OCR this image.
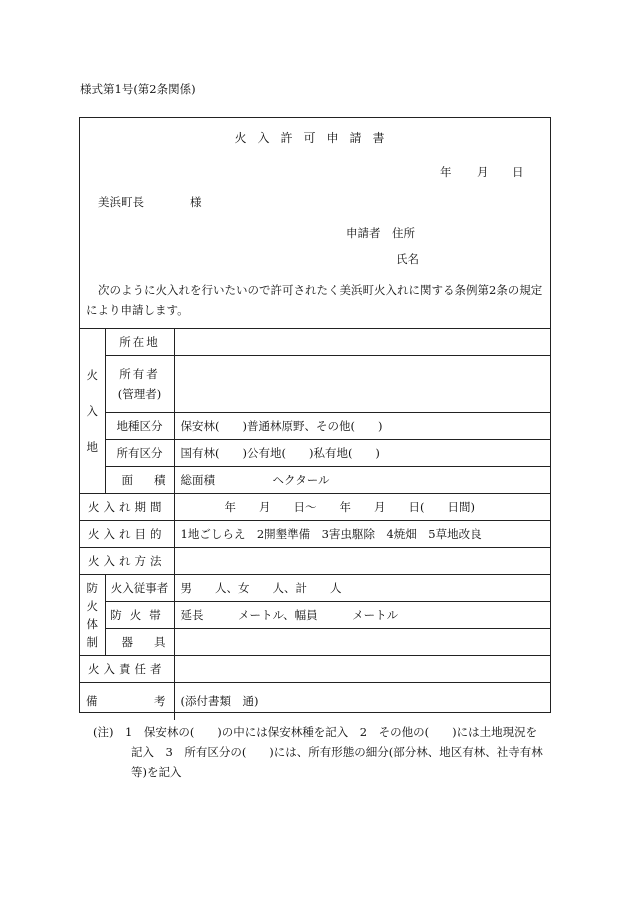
様式第1号(第2条関係)
火入許可申請書
年 月 日
美浜町長	様
申請者 住所
氏名
次のように火入れを行いたいので許可されたく美浜町火入れに関する条例第2条の規定により申請します。
火入地	所在地	

	所有者
(管理者)	

	地種区分	保安林(　　)普通林原野、その他(　　)
	所有区分	国有林(　　)公有地(　　)私有地(　　)
	面積	総面積　　　　　ヘクタール
火入れ期間		年　　月　　日～　　年　　月　　日(　　日間)
火入れ目的		1地ごしらえ　2開墾準備　3害虫駆除　4焼畑　5草地改良
火入れ方法		

防火体制	火入従事者	男　　人、女　　人、計　　人
	防火帯	延長　　　メートル、幅員　　　メートル
	器具	
火入責任者		

備 考		(添付書類　通)
(注) 1　保安林の(　　)の中には保安林種を記入　2　その他の(　　)には土地現況を
記入　3　所有区分の(　　)には、所有形態の細分(部分林、地区有林、社寺有林
等)を記入
